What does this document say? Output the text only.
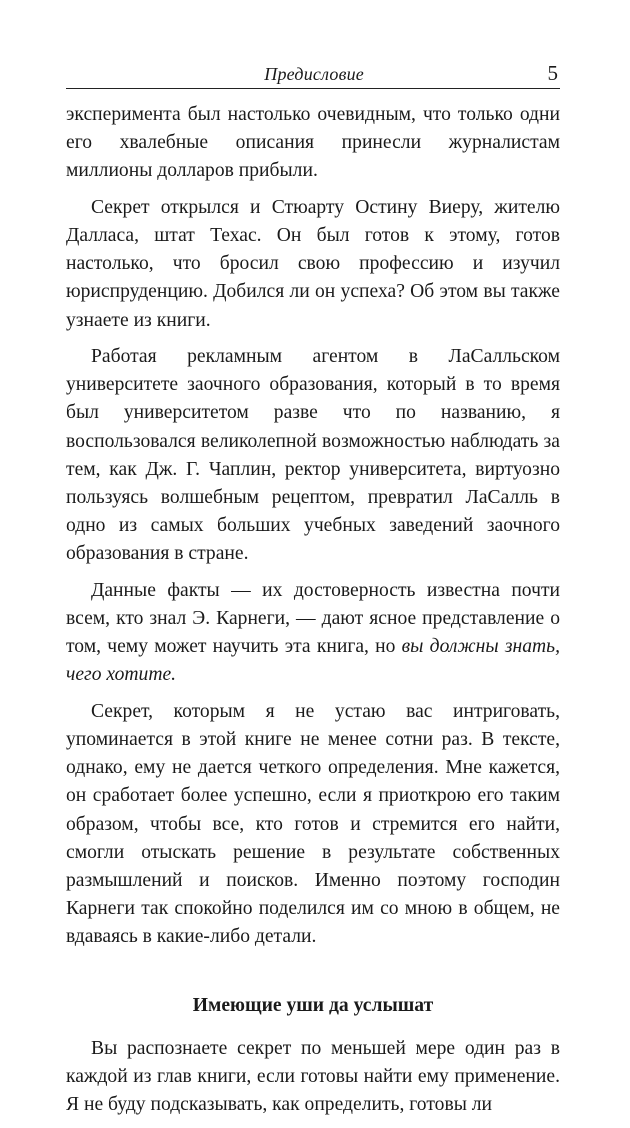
Предисловие	5

эксперимента был настолько очевидным, что только одни его хвалебные описания принесли журналистам миллионы долларов прибыли.

Секрет открылся и Стюарту Остину Виеру, жителю Далласа, штат Техас. Он был готов к этому, готов настолько, что бросил свою профессию и изучил юриспруденцию. Добился ли он успеха? Об этом вы также узнаете из книги.

Работая рекламным агентом в ЛаСалльском университете заочного образования, который в то время был университетом разве что по названию, я воспользовался великолепной возможностью наблюдать за тем, как Дж. Г. Чаплин, ректор университета, виртуозно пользуясь волшебным рецептом, превратил ЛаСалль в одно из самых больших учебных заведений заочного образования в стране.

Данные факты — их достоверность известна почти всем, кто знал Э. Карнеги, — дают ясное представление о том, чему может научить эта книга, но вы должны знать, чего хотите.

Секрет, которым я не устаю вас интриговать, упоминается в этой книге не менее сотни раз. В тексте, однако, ему не дается четкого определения. Мне кажется, он сработает более успешно, если я приоткрою его таким образом, чтобы все, кто готов и стремится его найти, смогли отыскать решение в результате собственных размышлений и поисков. Именно поэтому господин Карнеги так спокойно поделился им со мною в общем, не вдаваясь в какие-либо детали.

Имеющие уши да услышат

Вы распознаете секрет по меньшей мере один раз в каждой из глав книги, если готовы найти ему применение. Я не буду подсказывать, как определить, готовы ли
